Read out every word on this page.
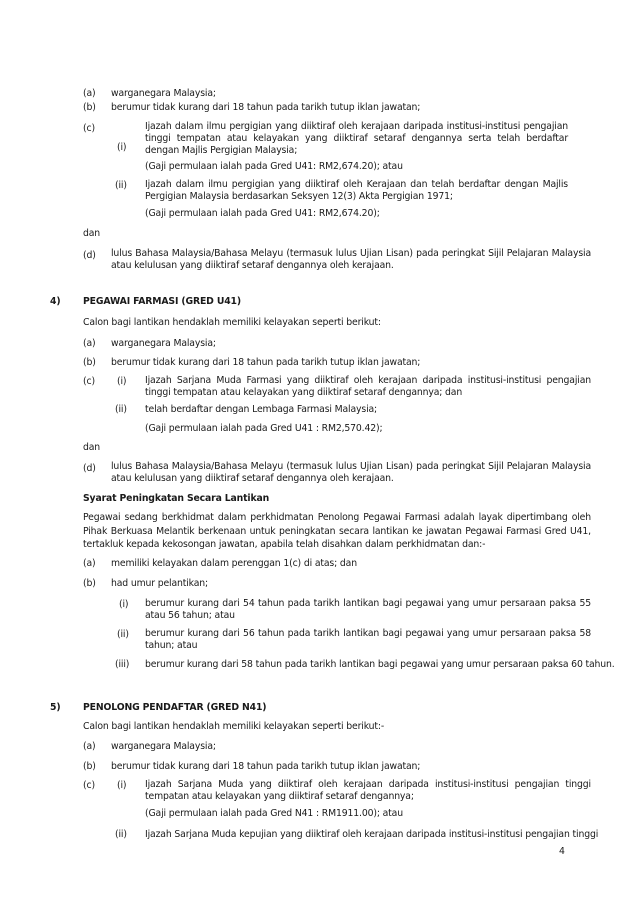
(a) warganegara Malaysia;
(b) berumur tidak kurang dari 18 tahun pada tarikh tutup iklan jawatan;
(c)
(i)
Ijazah dalam ilmu pergigian yang diiktiraf oleh kerajaan daripada institusi-institusi pengajian tinggi tempatan atau kelayakan yang diiktiraf setaraf dengannya serta telah berdaftar dengan Majlis Pergigian Malaysia;
(Gaji permulaan ialah pada Gred U41: RM2,674.20); atau
(ii) Ijazah dalam ilmu pergigian yang diiktiraf oleh Kerajaan dan telah berdaftar dengan Majlis Pergigian Malaysia berdasarkan Seksyen 12(3) Akta Pergigian 1971;
(Gaji permulaan ialah pada Gred U41: RM2,674.20);
dan
(d) lulus Bahasa Malaysia/Bahasa Melayu (termasuk lulus Ujian Lisan) pada peringkat Sijil Pelajaran Malaysia atau kelulusan yang diiktiraf setaraf dengannya oleh kerajaan.
4) PEGAWAI FARMASI (GRED U41)
Calon bagi lantikan hendaklah memiliki kelayakan seperti berikut:
(a) warganegara Malaysia;
(b) berumur tidak kurang dari 18 tahun pada tarikh tutup iklan jawatan;
(c) (i) Ijazah Sarjana Muda Farmasi yang diiktiraf oleh kerajaan daripada institusi-institusi pengajian tinggi tempatan atau kelayakan yang diiktiraf setaraf dengannya; dan
(ii) telah berdaftar dengan Lembaga Farmasi Malaysia;
(Gaji permulaan ialah pada Gred U41 : RM2,570.42);
dan
(d) lulus Bahasa Malaysia/Bahasa Melayu (termasuk lulus Ujian Lisan) pada peringkat Sijil Pelajaran Malaysia atau kelulusan yang diiktiraf setaraf dengannya oleh kerajaan.
Syarat Peningkatan Secara Lantikan
Pegawai sedang berkhidmat dalam perkhidmatan Penolong Pegawai Farmasi adalah layak dipertimbang oleh Pihak Berkuasa Melantik berkenaan untuk peningkatan secara lantikan ke jawatan Pegawai Farmasi Gred U41, tertakluk kepada kekosongan jawatan, apabila telah disahkan dalam perkhidmatan dan:-
(a) memiliki kelayakan dalam perenggan 1(c) di atas; dan
(b) had umur pelantikan;
(i) berumur kurang dari 54 tahun pada tarikh lantikan bagi pegawai yang umur persaraan paksa 55 atau 56 tahun; atau
(ii) berumur kurang dari 56 tahun pada tarikh lantikan bagi pegawai yang umur persaraan paksa 58 tahun; atau
(iii) berumur kurang dari 58 tahun pada tarikh lantikan bagi pegawai yang umur persaraan paksa 60 tahun.
5) PENOLONG PENDAFTAR (GRED N41)
Calon bagi lantikan hendaklah memiliki kelayakan seperti berikut:-
(a) warganegara Malaysia;
(b) berumur tidak kurang dari 18 tahun pada tarikh tutup iklan jawatan;
(c) (i) Ijazah Sarjana Muda yang diiktiraf oleh kerajaan daripada institusi-institusi pengajian tinggi tempatan atau kelayakan yang diiktiraf setaraf dengannya;
(Gaji permulaan ialah pada Gred N41 : RM1911.00); atau
(ii) Ijazah Sarjana Muda kepujian yang diiktiraf oleh kerajaan daripada institusi-institusi pengajian tinggi
4
